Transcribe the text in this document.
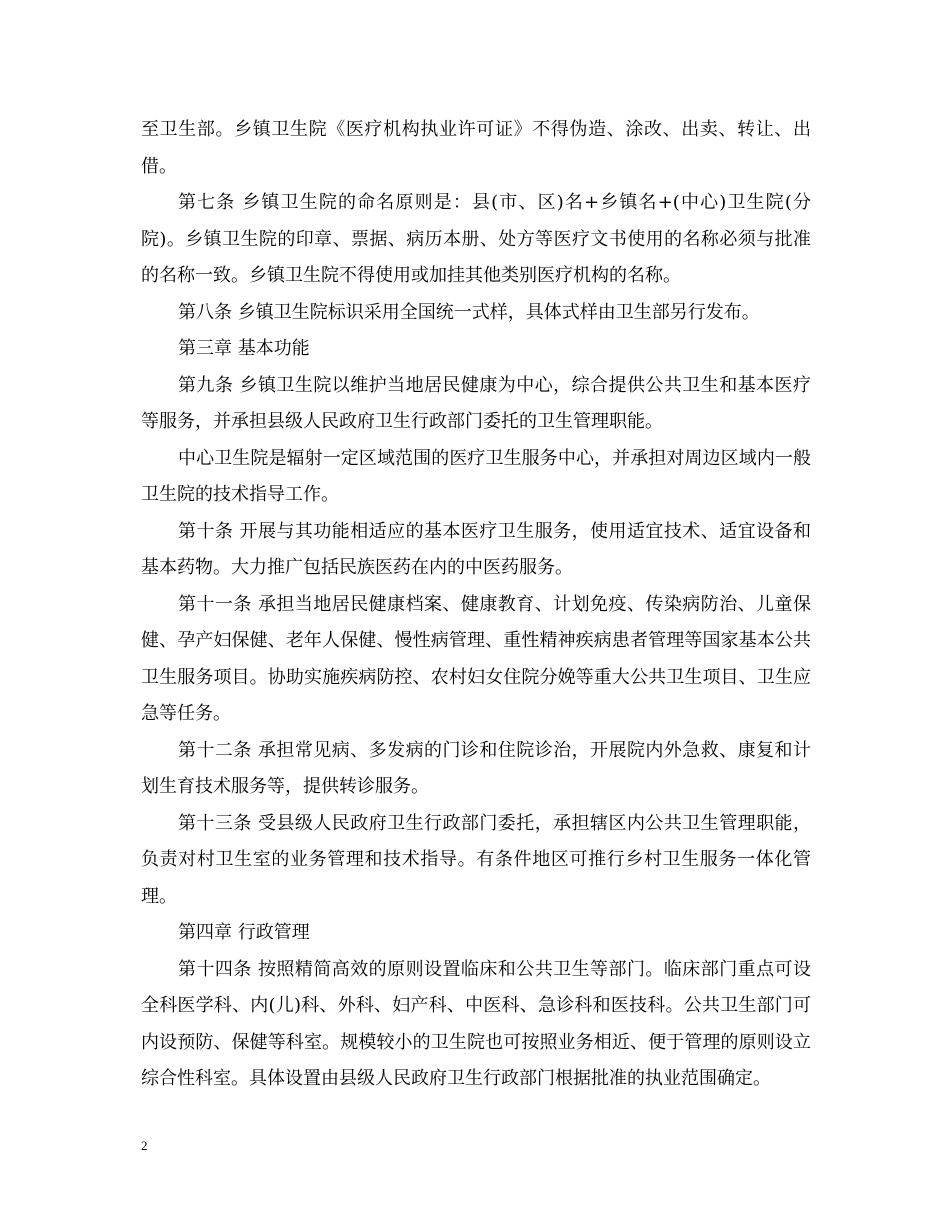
至卫生部。乡镇卫生院《医疗机构执业许可证》不得伪造、涂改、出卖、转让、出借。

第七条 乡镇卫生院的命名原则是：县(市、区)名+乡镇名+(中心)卫生院(分院)。乡镇卫生院的印章、票据、病历本册、处方等医疗文书使用的名称必须与批准的名称一致。乡镇卫生院不得使用或加挂其他类别医疗机构的名称。

第八条 乡镇卫生院标识采用全国统一式样，具体式样由卫生部另行发布。

第三章 基本功能

第九条 乡镇卫生院以维护当地居民健康为中心，综合提供公共卫生和基本医疗等服务，并承担县级人民政府卫生行政部门委托的卫生管理职能。

中心卫生院是辐射一定区域范围的医疗卫生服务中心，并承担对周边区域内一般卫生院的技术指导工作。

第十条 开展与其功能相适应的基本医疗卫生服务，使用适宜技术、适宜设备和基本药物。大力推广包括民族医药在内的中医药服务。

第十一条 承担当地居民健康档案、健康教育、计划免疫、传染病防治、儿童保健、孕产妇保健、老年人保健、慢性病管理、重性精神疾病患者管理等国家基本公共卫生服务项目。协助实施疾病防控、农村妇女住院分娩等重大公共卫生项目、卫生应急等任务。

第十二条 承担常见病、多发病的门诊和住院诊治，开展院内外急救、康复和计划生育技术服务等，提供转诊服务。

第十三条 受县级人民政府卫生行政部门委托，承担辖区内公共卫生管理职能，负责对村卫生室的业务管理和技术指导。有条件地区可推行乡村卫生服务一体化管理。

第四章 行政管理

第十四条 按照精简高效的原则设置临床和公共卫生等部门。临床部门重点可设全科医学科、内(儿)科、外科、妇产科、中医科、急诊科和医技科。公共卫生部门可内设预防、保健等科室。规模较小的卫生院也可按照业务相近、便于管理的原则设立综合性科室。具体设置由县级人民政府卫生行政部门根据批准的执业范围确定。

2
